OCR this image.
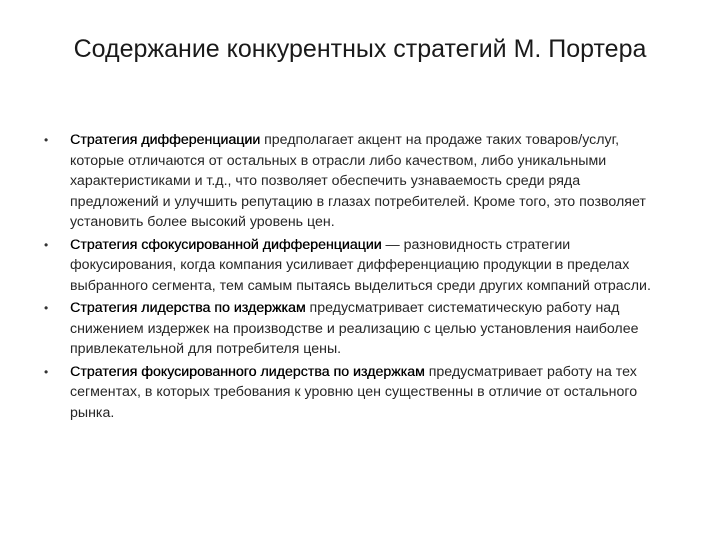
Содержание конкурентных стратегий М. Портера
• Стратегия дифференциации предполагает акцент на продаже таких товаров/услуг, которые отличаются от остальных в отрасли либо качеством, либо уникальными характеристиками и т.д., что позволяет обеспечить узнаваемость среди ряда предложений и улучшить репутацию в глазах потребителей. Кроме того, это позволяет установить более высокий уровень цен.
• Стратегия сфокусированной дифференциации — разновидность стратегии фокусирования, когда компания усиливает дифференциацию продукции в пределах выбранного сегмента, тем самым пытаясь выделиться среди других компаний отрасли.
• Стратегия лидерства по издержкам предусматривает систематическую работу над снижением издержек на производстве и реализацию с целью установления наиболее привлекательной для потребителя цены.
• Стратегия фокусированного лидерства по издержкам предусматривает работу на тех сегментах, в которых требования к уровню цен существенны в отличие от остального рынка.
